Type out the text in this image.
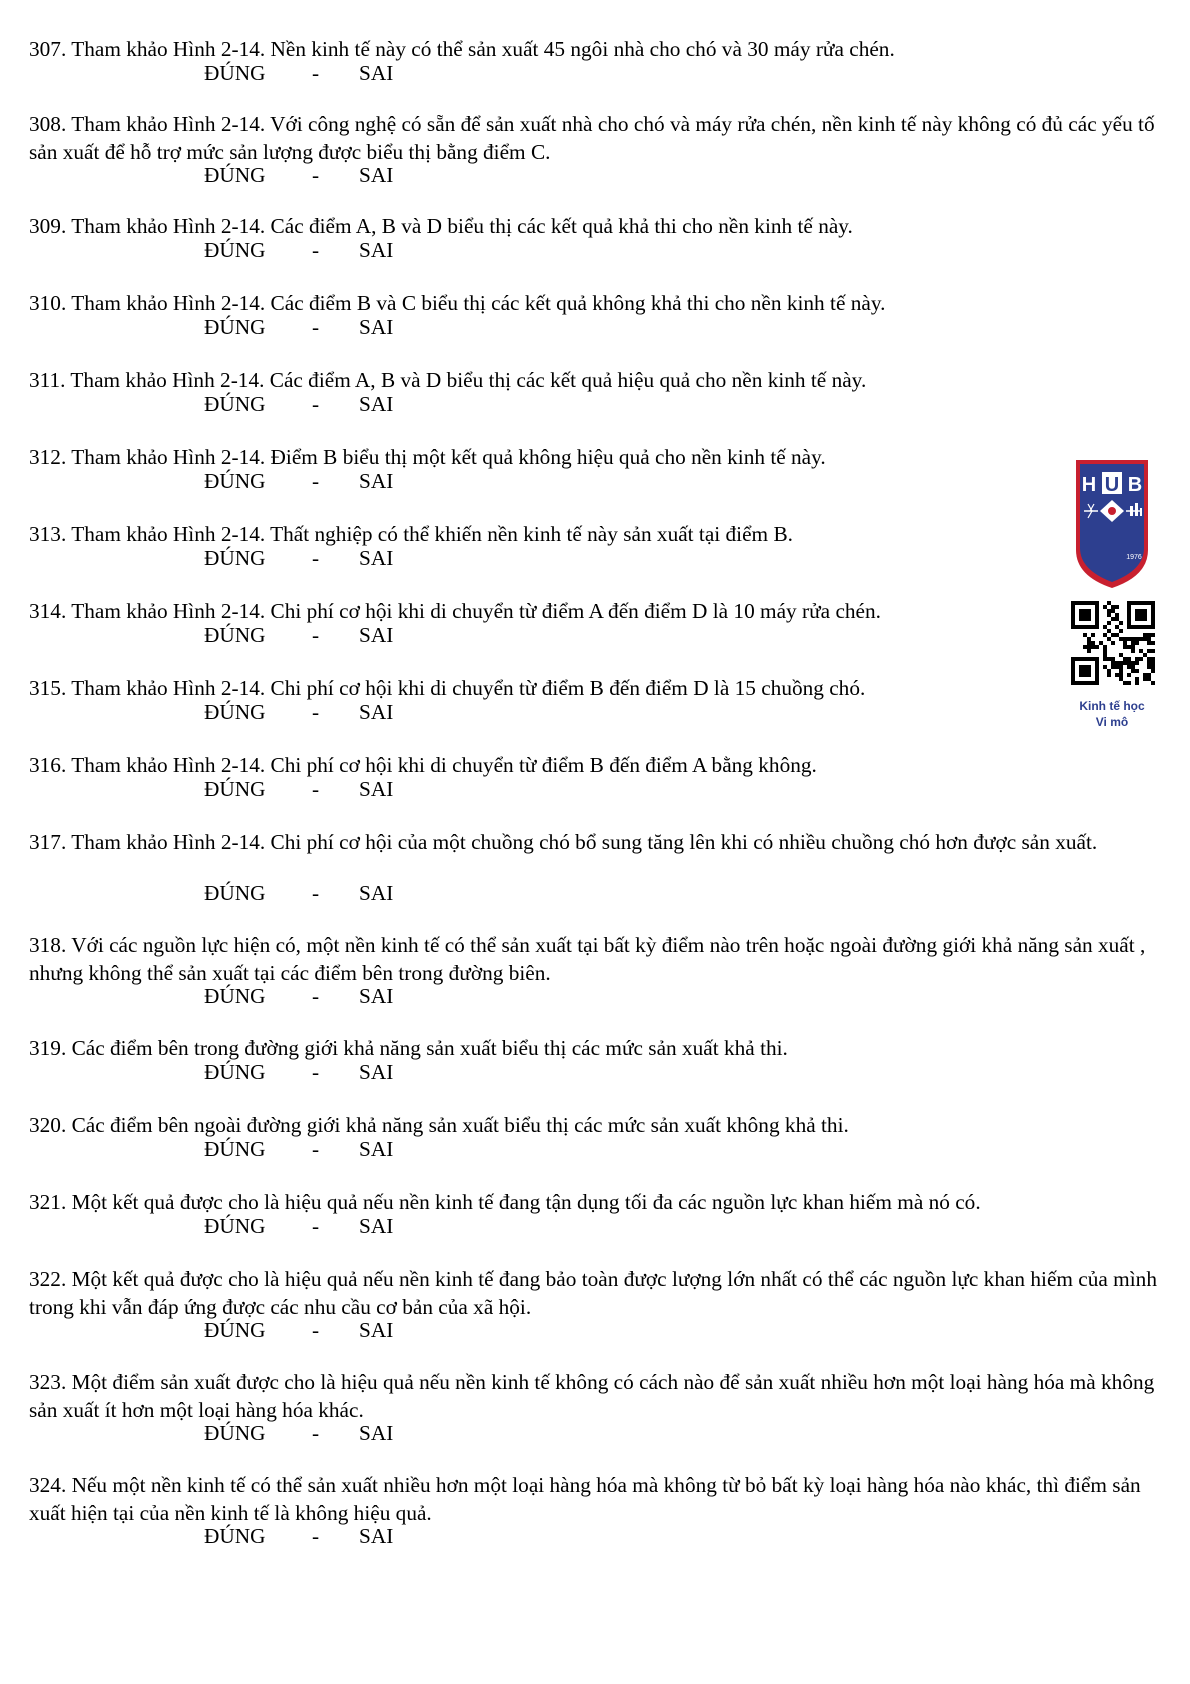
307. Tham khảo Hình 2-14. Nền kinh tế này có thể sản xuất 45 ngôi nhà cho chó và 30 máy rửa chén.

ĐÚNG - SAI

308. Tham khảo Hình 2-14. Với công nghệ có sẵn để sản xuất nhà cho chó và máy rửa chén, nền kinh tế này không có đủ các yếu tố sản xuất để hỗ trợ mức sản lượng được biểu thị bằng điểm C.

ĐÚNG - SAI

309. Tham khảo Hình 2-14. Các điểm A, B và D biểu thị các kết quả khả thi cho nền kinh tế này.

ĐÚNG - SAI

310. Tham khảo Hình 2-14. Các điểm B và C biểu thị các kết quả không khả thi cho nền kinh tế này.

ĐÚNG - SAI

311. Tham khảo Hình 2-14. Các điểm A, B và D biểu thị các kết quả hiệu quả cho nền kinh tế này.

ĐÚNG - SAI

312. Tham khảo Hình 2-14. Điểm B biểu thị một kết quả không hiệu quả cho nền kinh tế này.

ĐÚNG - SAI

313. Tham khảo Hình 2-14. Thất nghiệp có thể khiến nền kinh tế này sản xuất tại điểm B.

ĐÚNG - SAI

314. Tham khảo Hình 2-14. Chi phí cơ hội khi di chuyển từ điểm A đến điểm D là 10 máy rửa chén.

ĐÚNG - SAI

315. Tham khảo Hình 2-14. Chi phí cơ hội khi di chuyển từ điểm B đến điểm D là 15 chuồng chó.

ĐÚNG - SAI

316. Tham khảo Hình 2-14. Chi phí cơ hội khi di chuyển từ điểm B đến điểm A bằng không.

ĐÚNG - SAI

317. Tham khảo Hình 2-14. Chi phí cơ hội của một chuồng chó bổ sung tăng lên khi có nhiều chuồng chó hơn được sản xuất.

ĐÚNG - SAI

318. Với các nguồn lực hiện có, một nền kinh tế có thể sản xuất tại bất kỳ điểm nào trên hoặc ngoài đường giới khả năng sản xuất , nhưng không thể sản xuất tại các điểm bên trong đường biên.

ĐÚNG - SAI

319. Các điểm bên trong đường giới khả năng sản xuất biểu thị các mức sản xuất khả thi.

ĐÚNG - SAI

320. Các điểm bên ngoài đường giới khả năng sản xuất biểu thị các mức sản xuất không khả thi.

ĐÚNG - SAI

321. Một kết quả được cho là hiệu quả nếu nền kinh tế đang tận dụng tối đa các nguồn lực khan hiếm mà nó có.

ĐÚNG - SAI

322. Một kết quả được cho là hiệu quả nếu nền kinh tế đang bảo toàn được lượng lớn nhất có thể các nguồn lực khan hiếm của mình trong khi vẫn đáp ứng được các nhu cầu cơ bản của xã hội.

ĐÚNG - SAI

323. Một điểm sản xuất được cho là hiệu quả nếu nền kinh tế không có cách nào để sản xuất nhiều hơn một loại hàng hóa mà không sản xuất ít hơn một loại hàng hóa khác.

ĐÚNG - SAI

324. Nếu một nền kinh tế có thể sản xuất nhiều hơn một loại hàng hóa mà không từ bỏ bất kỳ loại hàng hóa nào khác, thì điểm sản xuất hiện tại của nền kinh tế là không hiệu quả.

ĐÚNG - SAI
H U B
1976
Kinh tế học
Vi mô
